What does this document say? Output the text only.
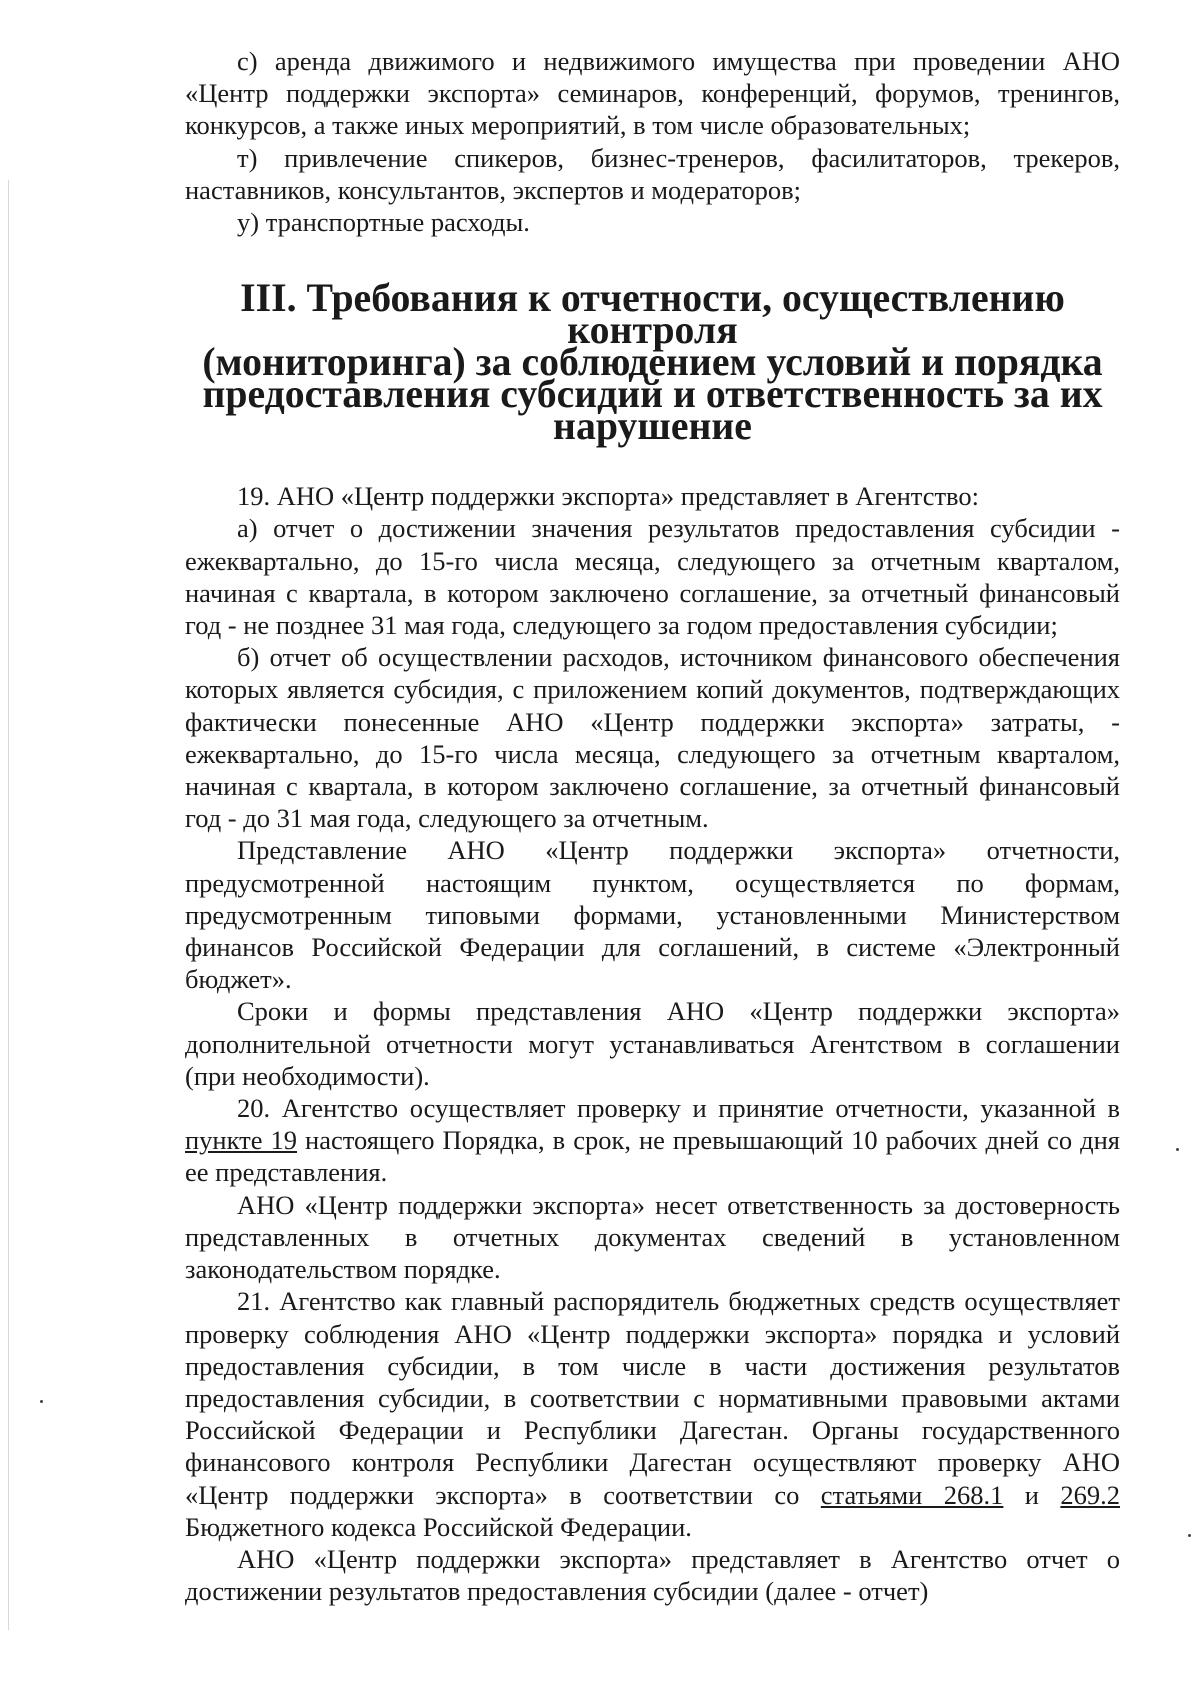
с) аренда движимого и недвижимого имущества при проведении АНО «Центр поддержки экспорта» семинаров, конференций, форумов, тренингов, конкурсов, а также иных мероприятий, в том числе образовательных;

т) привлечение спикеров, бизнес-тренеров, фасилитаторов, трекеров, наставников, консультантов, экспертов и модераторов;

у) транспортные расходы.

III. Требования к отчетности, осуществлению контроля
(мониторинга) за соблюдением условий и порядка
предоставления субсидий и ответственность за их нарушение

19. АНО «Центр поддержки экспорта» представляет в Агентство:

а) отчет о достижении значения результатов предоставления субсидии - ежеквартально, до 15-го числа месяца, следующего за отчетным кварталом, начиная с квартала, в котором заключено соглашение, за отчетный финансовый год - не позднее 31 мая года, следующего за годом предоставления субсидии;

б) отчет об осуществлении расходов, источником финансового обеспечения которых является субсидия, с приложением копий документов, подтверждающих фактически понесенные АНО «Центр поддержки экспорта» затраты, - ежеквартально, до 15-го числа месяца, следующего за отчетным кварталом, начиная с квартала, в котором заключено соглашение, за отчетный финансовый год - до 31 мая года, следующего за отчетным.

Представление АНО «Центр поддержки экспорта» отчетности, предусмотренной настоящим пунктом, осуществляется по формам, предусмотренным типовыми формами, установленными Министерством финансов Российской Федерации для соглашений, в системе «Электронный бюджет».

Сроки и формы представления АНО «Центр поддержки экспорта» дополнительной отчетности могут устанавливаться Агентством в соглашении (при необходимости).

20. Агентство осуществляет проверку и принятие отчетности, указанной в пункте 19 настоящего Порядка, в срок, не превышающий 10 рабочих дней со дня ее представления.

АНО «Центр поддержки экспорта» несет ответственность за достоверность представленных в отчетных документах сведений в установленном законодательством порядке.

21. Агентство как главный распорядитель бюджетных средств осуществляет проверку соблюдения АНО «Центр поддержки экспорта» порядка и условий предоставления субсидии, в том числе в части достижения результатов предоставления субсидии, в соответствии с нормативными правовыми актами Российской Федерации и Республики Дагестан. Органы государственного финансового контроля Республики Дагестан осуществляют проверку АНО «Центр поддержки экспорта» в соответствии со статьями 268.1 и 269.2 Бюджетного кодекса Российской Федерации.

АНО «Центр поддержки экспорта» представляет в Агентство отчет о достижении результатов предоставления субсидии (далее - отчет)
